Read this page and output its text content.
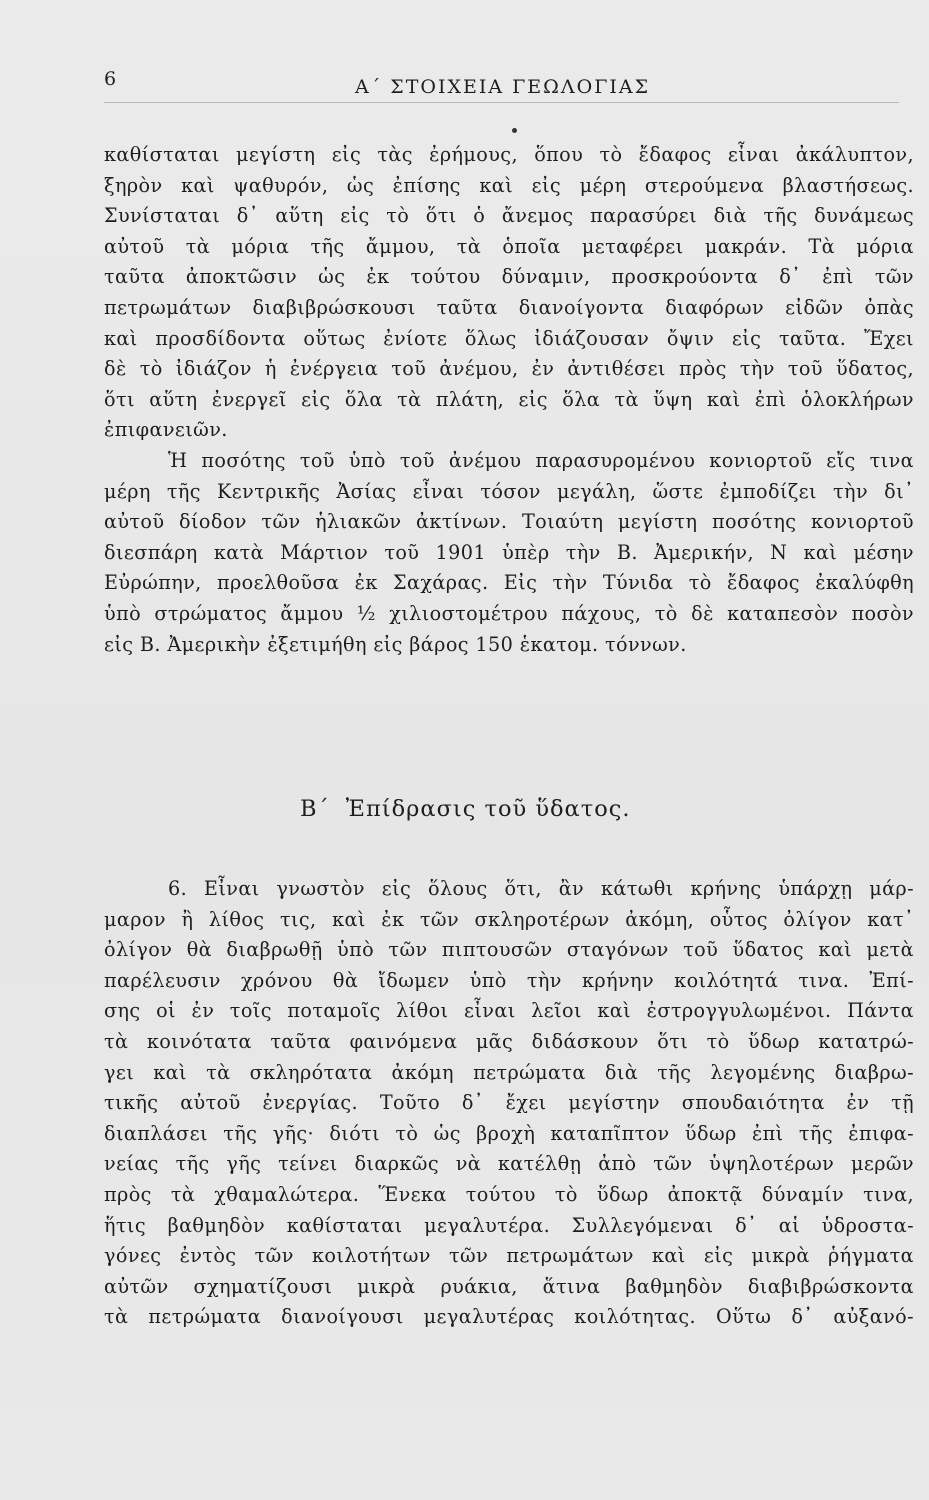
6	Α΄ ΣΤΟΙΧΕΙΑ ΓΕΩΛΟΓΙΑΣ
καθίσταται μεγίστη εἰς τὰς ἐρήμους, ὅπου τὸ ἔδαφος εἶναι ἀκάλυπτον,
ξηρὸν καὶ ψαθυρόν, ὡς ἐπίσης καὶ εἰς μέρη στερούμενα βλαστήσεως.
Συνίσταται δ᾽ αὕτη εἰς τὸ ὅτι ὁ ἄνεμος παρασύρει διὰ τῆς δυνάμεως
αὐτοῦ τὰ μόρια τῆς ἄμμου, τὰ ὁποῖα μεταφέρει μακράν. Τὰ μόρια
ταῦτα ἀποκτῶσιν ὡς ἐκ τούτου δύναμιν, προσκρούοντα δ᾽ ἐπὶ τῶν
πετρωμάτων διαβιβρώσκουσι ταῦτα διανοίγοντα διαφόρων εἰδῶν ὀπὰς
καὶ προσδίδοντα οὕτως ἐνίοτε ὅλως ἰδιάζουσαν ὄψιν εἰς ταῦτα. Ἔχει
δὲ τὸ ἰδιάζον ἡ ἐνέργεια τοῦ ἀνέμου, ἐν ἀντιθέσει πρὸς τὴν τοῦ ὕδατος,
ὅτι αὕτη ἐνεργεῖ εἰς ὅλα τὰ πλάτη, εἰς ὅλα τὰ ὕψη καὶ ἐπὶ ὁλοκλήρων
ἐπιφανειῶν.
Ἡ ποσότης τοῦ ὑπὸ τοῦ ἀνέμου παρασυρομένου κονιορτοῦ εἴς τινα
μέρη τῆς Κεντρικῆς Ἀσίας εἶναι τόσον μεγάλη, ὥστε ἐμποδίζει τὴν δι᾽
αὐτοῦ δίοδον τῶν ἡλιακῶν ἀκτίνων. Τοιαύτη μεγίστη ποσότης κονιορτοῦ
διεσπάρη κατὰ Μάρτιον τοῦ 1901 ὑπὲρ τὴν Β. Ἀμερικήν, Ν καὶ μέσην
Εὐρώπην, προελθοῦσα ἐκ Σαχάρας. Εἰς τὴν Τύνιδα τὸ ἔδαφος ἐκαλύφθη
ὑπὸ στρώματος ἄμμου ½ χιλιοστομέτρου πάχους, τὸ δὲ καταπεσὸν ποσὸν
εἰς Β. Ἀμερικὴν ἐξετιμήθη εἰς βάρος 150 ἑκατομ. τόννων.
Β΄ Ἐπίδρασις τοῦ ὕδατος.
6. Εἶναι γνωστὸν εἰς ὅλους ὅτι, ἂν κάτωθι κρήνης ὑπάρχῃ μάρ-
μαρον ἢ λίθος τις, καὶ ἐκ τῶν σκληροτέρων ἀκόμη, οὗτος ὀλίγον κατ᾽
ὀλίγον θὰ διαβρωθῇ ὑπὸ τῶν πιπτουσῶν σταγόνων τοῦ ὕδατος καὶ μετὰ
παρέλευσιν χρόνου θὰ ἴδωμεν ὑπὸ τὴν κρήνην κοιλότητά τινα. Ἐπί-
σης οἱ ἐν τοῖς ποταμοῖς λίθοι εἶναι λεῖοι καὶ ἐστρογγυλωμένοι. Πάντα
τὰ κοινότατα ταῦτα φαινόμενα μᾶς διδάσκουν ὅτι τὸ ὕδωρ κατατρώ-
γει καὶ τὰ σκληρότατα ἀκόμη πετρώματα διὰ τῆς λεγομένης διαβρω-
τικῆς αὐτοῦ ἐνεργίας. Τοῦτο δ᾽ ἔχει μεγίστην σπουδαιότητα ἐν τῇ
διαπλάσει τῆς γῆς· διότι τὸ ὡς βροχὴ καταπῖπτον ὕδωρ ἐπὶ τῆς ἐπιφα-
νείας τῆς γῆς τείνει διαρκῶς νὰ κατέλθῃ ἀπὸ τῶν ὑψηλοτέρων μερῶν
πρὸς τὰ χθαμαλώτερα. Ἕνεκα τούτου τὸ ὕδωρ ἀποκτᾷ δύναμίν τινα,
ἥτις βαθμηδὸν καθίσταται μεγαλυτέρα. Συλλεγόμεναι δ᾽ αἱ ὑδροστα-
γόνες ἐντὸς τῶν κοιλοτήτων τῶν πετρωμάτων καὶ εἰς μικρὰ ῥήγματα
αὐτῶν σχηματίζουσι μικρὰ ρυάκια, ἅτινα βαθμηδὸν διαβιβρώσκοντα
τὰ πετρώματα διανοίγουσι μεγαλυτέρας κοιλότητας. Οὕτω δ᾽ αὐξανό-
